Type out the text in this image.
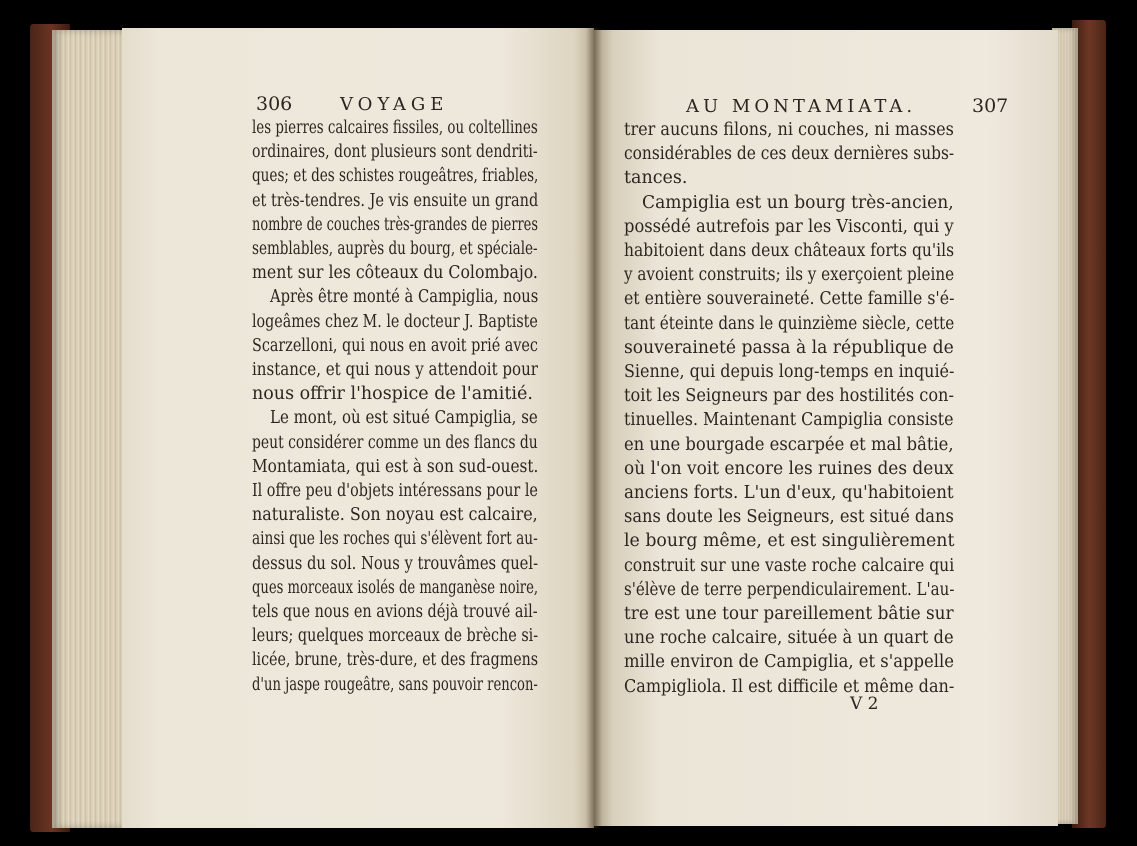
306	VOYAGE
les pierres calcaires fissiles, ou coltellines
ordinaires, dont plusieurs sont dendriti-
ques; et des schistes rougeâtres, friables,
et très-tendres. Je vis ensuite un grand
nombre de couches très-grandes de pierres
semblables, auprès du bourg, et spéciale-
ment sur les côteaux du Colombajo.
Après être monté à Campiglia, nous
logeâmes chez M. le docteur J. Baptiste
Scarzelloni, qui nous en avoit prié avec
instance, et qui nous y attendoit pour
nous offrir l'hospice de l'amitié.
Le mont, où est situé Campiglia, se
peut considérer comme un des flancs du
Montamiata, qui est à son sud-ouest.
Il offre peu d'objets intéressans pour le
naturaliste. Son noyau est calcaire,
ainsi que les roches qui s'élèvent fort au-
dessus du sol. Nous y trouvâmes quel-
ques morceaux isolés de manganèse noire,
tels que nous en avions déjà trouvé ail-
leurs; quelques morceaux de brèche si-
licée, brune, très-dure, et des fragmens
d'un jaspe rougeâtre, sans pouvoir rencon-
AU MONTAMIATA.	307
trer aucuns filons, ni couches, ni masses
considérables de ces deux dernières subs-
tances.
Campiglia est un bourg très-ancien,
possédé autrefois par les Visconti, qui y
habitoient dans deux châteaux forts qu'ils
y avoient construits; ils y exerçoient pleine
et entière souveraineté. Cette famille s'é-
tant éteinte dans le quinzième siècle, cette
souveraineté passa à la république de
Sienne, qui depuis long-temps en inquié-
toit les Seigneurs par des hostilités con-
tinuelles. Maintenant Campiglia consiste
en une bourgade escarpée et mal bâtie,
où l'on voit encore les ruines des deux
anciens forts. L'un d'eux, qu'habitoient
sans doute les Seigneurs, est situé dans
le bourg même, et est singulièrement
construit sur une vaste roche calcaire qui
s'élève de terre perpendiculairement. L'au-
tre est une tour pareillement bâtie sur
une roche calcaire, située à un quart de
mille environ de Campiglia, et s'appelle
Campigliola. Il est difficile et même dan-
V 2
